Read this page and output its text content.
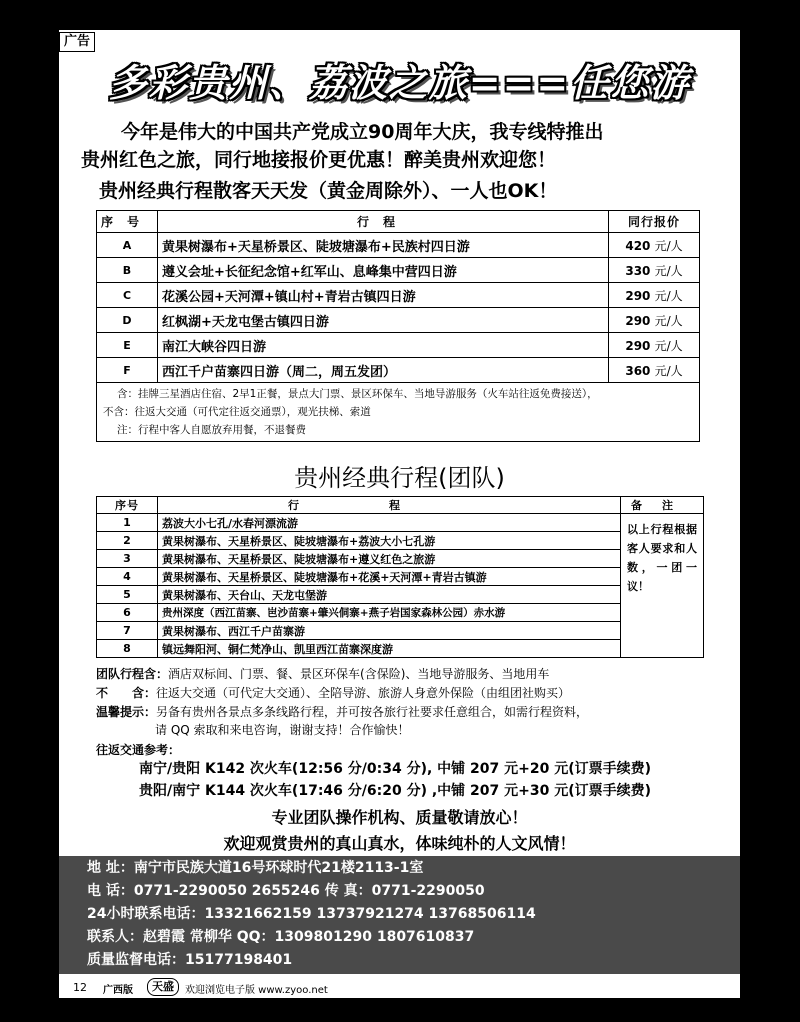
广告
多彩贵州、荔波之旅===任您游
今年是伟大的中国共产党成立90周年大庆，我专线特推出
贵州红色之旅，同行地接报价更优惠！醉美贵州欢迎您！
贵州经典行程散客天天发（黄金周除外）、一人也OK！
序号	行程	同行报价
A	黄果树瀑布+天星桥景区、陡坡塘瀑布+民族村四日游	420 元/人
B	遵义会址+长征纪念馆+红军山、息峰集中营四日游	330 元/人
C	花溪公园+天河潭+镇山村+青岩古镇四日游	290 元/人
D	红枫湖+天龙屯堡古镇四日游	290 元/人
E	南江大峡谷四日游	290 元/人
F	西江千户苗寨四日游（周二，周五发团）	360 元/人

含：挂牌三星酒店住宿、2早1正餐，景点大门票、景区环保车、当地导游服务（火车站往返免费接送），
不含：往返大交通（可代定往返交通票），观光扶梯、索道
注：行程中客人自愿放弃用餐，不退餐费		
贵州经典行程(团队)
序号	行程	备注
1	荔波大小七孔/水春河漂流游	以上行程根据客人要求和人数，一团一议！
2	黄果树瀑布、天星桥景区、陡坡塘瀑布+荔波大小七孔游	
3	黄果树瀑布、天星桥景区、陡坡塘瀑布+遵义红色之旅游	
4	黄果树瀑布、天星桥景区、陡坡塘瀑布+花溪+天河潭+青岩古镇游	
5	黄果树瀑布、天台山、天龙屯堡游	
6	贵州深度（西江苗寨、岜沙苗寨+肇兴侗寨+燕子岩国家森林公园）赤水游	
7	黄果树瀑布、西江千户苗寨游	
8	镇远舞阳河、铜仁梵净山、凯里西江苗寨深度游	
团队行程含：酒店双标间、门票、餐、景区环保车(含保险)、当地导游服务、当地用车
不　　含：往返大交通（可代定大交通）、全陪导游、旅游人身意外保险（由组团社购买）
温馨提示：另备有贵州各景点多条线路行程，并可按各旅行社要求任意组合，如需行程资料，
请 QQ 索取和来电咨询，谢谢支持！合作愉快！
往返交通参考：
南宁/贵阳 K142 次火车(12:56 分/0:34 分), 中铺 207 元+20 元(订票手续费)
贵阳/南宁 K144 次火车(17:46 分/6:20 分) ,中铺 207 元+30 元(订票手续费)
专业团队操作机构、质量敬请放心！
欢迎观赏贵州的真山真水，体味纯朴的人文风情！
地 址：南宁市民族大道16号环球时代21楼2113-1室
电 话：0771-2290050 2655246 传 真：0771-2290050
24小时联系电话：13321662159 13737921274 13768506114
联系人：赵碧霞 常柳华 QQ：1309801290 1807610837
质量监督电话：15177198401
12 广西版	天盛	欢迎浏览电子版 www.zyoo.net
